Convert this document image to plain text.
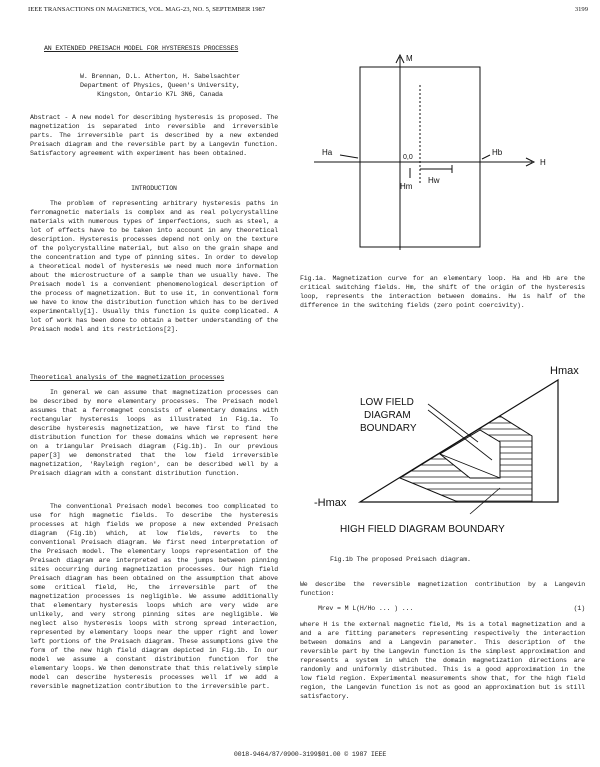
IEEE TRANSACTIONS ON MAGNETICS, VOL. MAG-23, NO. 5, SEPTEMBER 1987	3199
AN EXTENDED PREISACH MODEL FOR HYSTERESIS PROCESSES
W. Brennan, D.L. Atherton, H. Sabelsachter
Department of Physics, Queen's University,
Kingston, Ontario K7L 3N6, Canada

Abstract - A new model for describing hysteresis is proposed. The magnetization is separated into reversible and irreversible parts. The irreversible part is described by a new extended Preisach diagram and the reversible part by a Langevin function. Satisfactory agreement with experiment has been obtained.

INTRODUCTION

The problem of representing arbitrary hysteresis paths in ferromagnetic materials is complex and as real polycrystalline materials with numerous types of imperfections, such as steel, a lot of effects have to be taken into account in any theoretical description. Hysteresis processes depend not only on the texture of the polycrystalline material, but also on the grain shape and the concentration and type of pinning sites. In order to develop a theoretical model of hysteresis we need much more information about the microstructure of a sample than we usually have. The Preisach model is a convenient phenomenological description of the process of magnetization. But to use it, in conventional form we have to know the distribution function which has to be derived experimentally[1]. Usually this function is quite complicated. A lot of work has been done to obtain a better understanding of the Preisach model and its restrictions[2].

Theoretical analysis of the magnetization processes

In general we can assume that magnetization processes can be described by more elementary processes. The Preisach model assumes that a ferromagnet consists of elementary domains with rectangular hysteresis loops as illustrated in Fig.1a. To describe hysteresis magnetization, we have first to find the distribution function for these domains which we represent here on a triangular Preisach diagram (Fig.1b). In our previous paper[3] we demonstrated that the low field irreversible magnetization, 'Rayleigh region', can be described well by a Preisach diagram with a constant distribution function.

The conventional Preisach model becomes too complicated to use for high magnetic fields. To describe the hysteresis processes at high fields we propose a new extended Preisach diagram (Fig.1b) which, at low fields, reverts to the conventional Preisach diagram. We first need interpretation of the Preisach model. The elementary loops representation of the Preisach diagram are interpreted as the jumps between pinning sites occurring during magnetization processes. Our high field Preisach diagram has been obtained on the assumption that above some critical field, Hc, the irreversible part of the magnetization processes is negligible. We assume additionally that elementary hysteresis loops which are very wide are unlikely, and very strong pinning sites are negligible. We neglect also hysteresis loops with strong spread interaction, represented by elementary loops near the upper right and lower left portions of the Preisach diagram. These assumptions give the form of the new high field diagram depicted in Fig.1b. In our model we assume a constant distribution function for the elementary loops. We then demonstrate that this relatively simple model can describe hysteresis processes well if we add a reversible magnetization contribution to the irreversible part.

M
H
Ha	Hb
0,0
Hm
Hw

Fig.1a. Magnetization curve for an elementary loop. Ha and Hb are the critical switching fields. Hm, the shift of the origin of the hysteresis loop, represents the interaction between domains. Hw is half of the difference in the switching fields (zero point coercivity).

Hmax
-Hmax
LOW FIELD
DIAGRAM
BOUNDARY
HIGH FIELD DIAGRAM BOUNDARY
Fig.1b The proposed Preisach diagram.

We describe the reversible magnetization contribution by a Langevin function:

Mrev = M L(H/Ho ... ) ...	(1)

where H is the external magnetic field, Ms is a total magnetization and a and a are fitting parameters representing respectively the interaction between domains and a Langevin parameter. This description of the reversible part by the Langevin function is the simplest approximation and represents a system in which the domain magnetization directions are randomly and uniformly distributed. This is a good approximation in the low field region. Experimental measurements show that, for the high field region, the Langevin function is not as good an approximation but is still satisfactory.

0018-9464/87/0900-3199$01.00 © 1987 IEEE
